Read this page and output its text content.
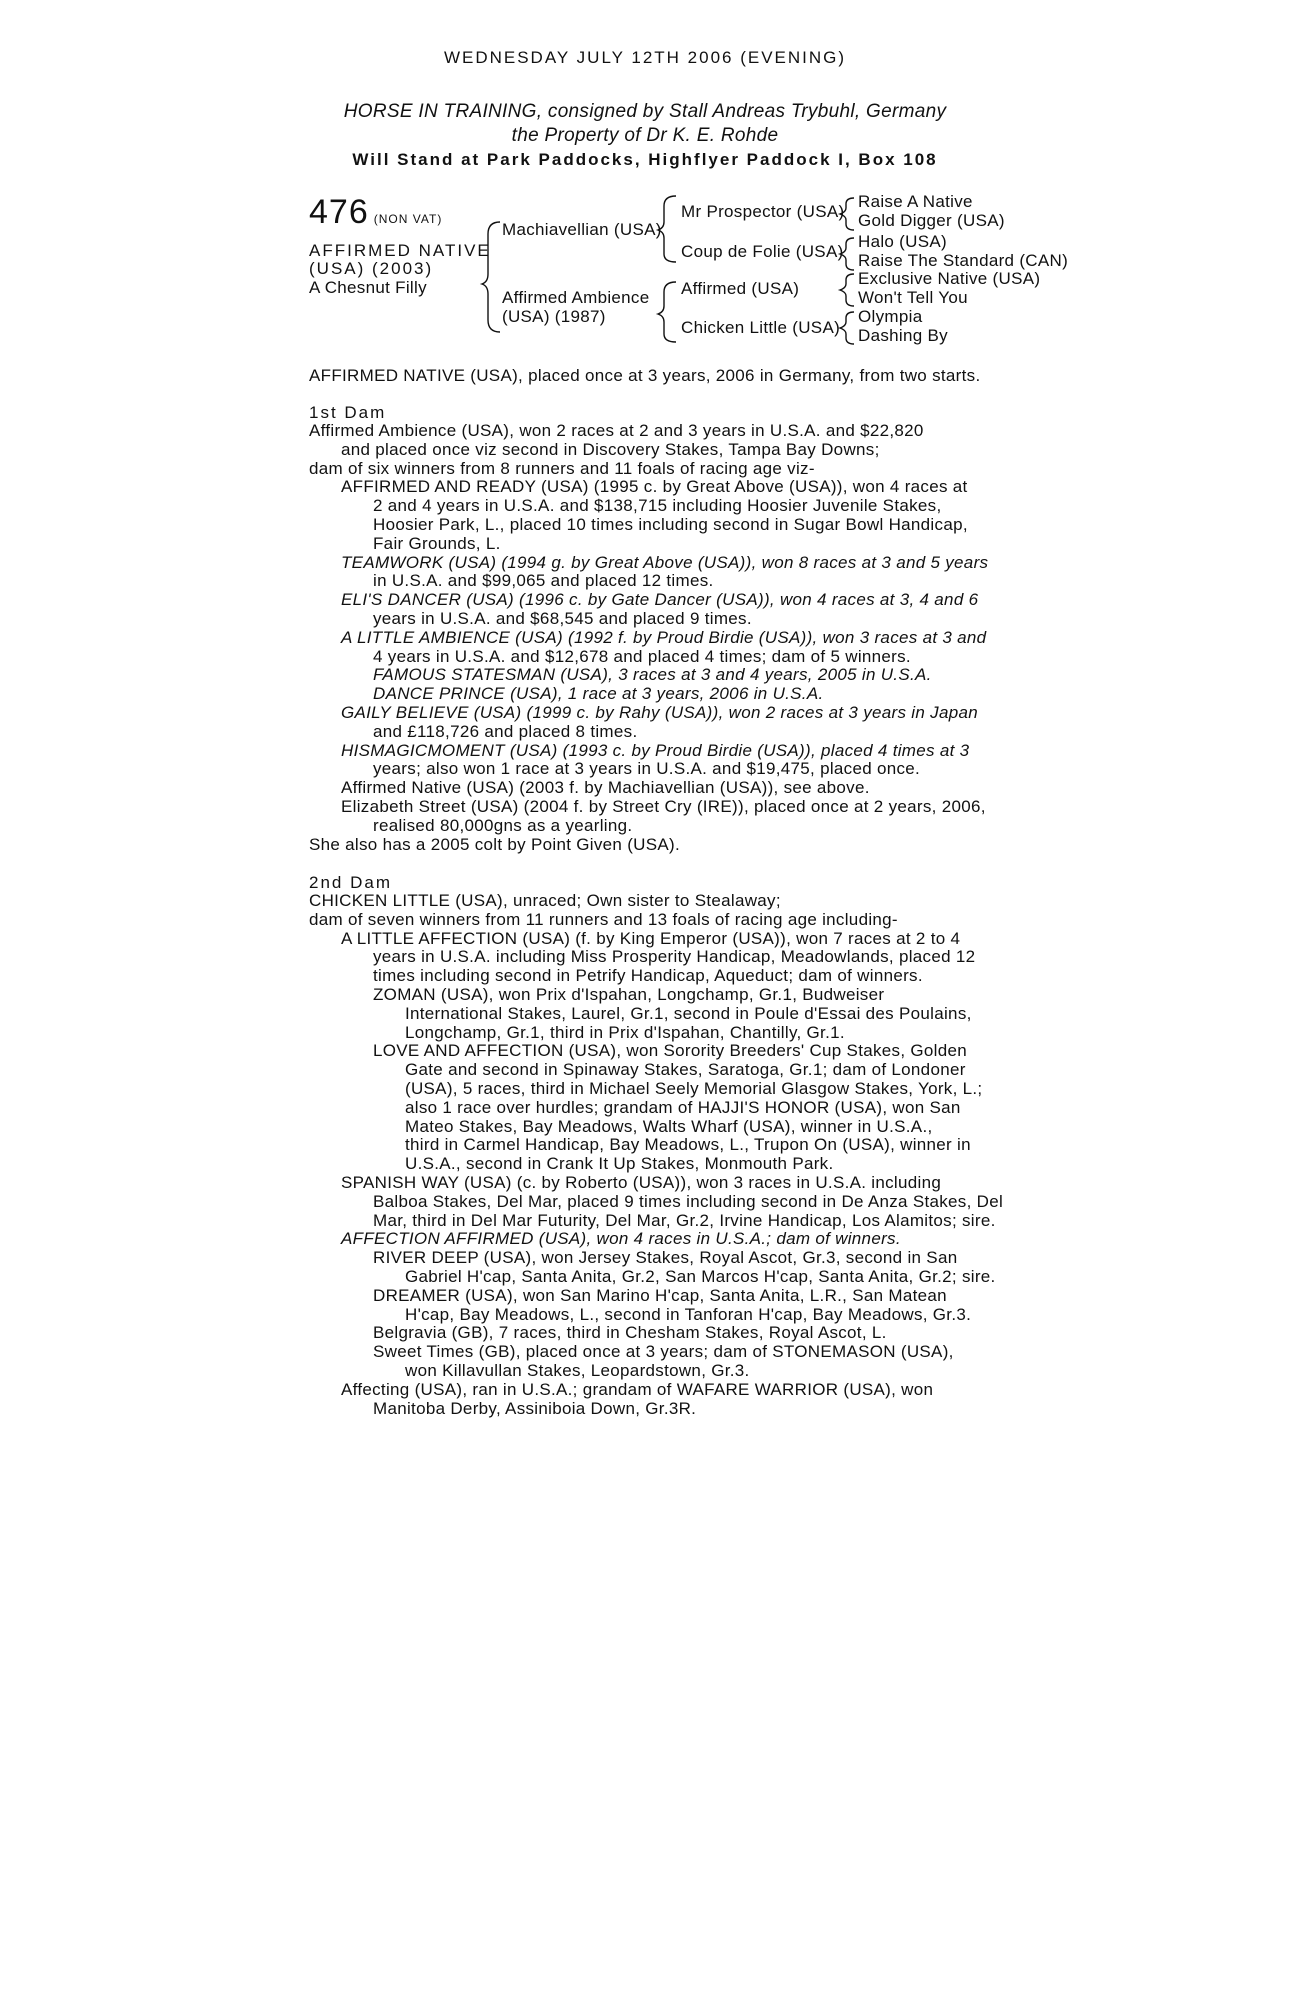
WEDNESDAY JULY 12TH 2006 (EVENING)
HORSE IN TRAINING, consigned by Stall Andreas Trybuhl, Germany
the Property of Dr K. E. Rohde
Will Stand at Park Paddocks, Highflyer Paddock I, Box 108
476 (NON VAT)
AFFIRMED NATIVE
(USA) (2003)
A Chesnut Filly
Machiavellian (USA)
Affirmed Ambience
(USA) (1987)
Mr Prospector (USA)
Coup de Folie (USA)
Affirmed (USA)
Chicken Little (USA)
Raise A Native
Gold Digger (USA)
Halo (USA)
Raise The Standard (CAN)
Exclusive Native (USA)
Won't Tell You
Olympia
Dashing By
AFFIRMED NATIVE (USA), placed once at 3 years, 2006 in Germany, from two starts.
1st Dam
Affirmed Ambience (USA), won 2 races at 2 and 3 years in U.S.A. and $22,820
and placed once viz second in Discovery Stakes, Tampa Bay Downs;
dam of six winners from 8 runners and 11 foals of racing age viz-
AFFIRMED AND READY (USA) (1995 c. by Great Above (USA)), won 4 races at
2 and 4 years in U.S.A. and $138,715 including Hoosier Juvenile Stakes,
Hoosier Park, L., placed 10 times including second in Sugar Bowl Handicap,
Fair Grounds, L.
TEAMWORK (USA) (1994 g. by Great Above (USA)), won 8 races at 3 and 5 years
in U.S.A. and $99,065 and placed 12 times.
ELI'S DANCER (USA) (1996 c. by Gate Dancer (USA)), won 4 races at 3, 4 and 6
years in U.S.A. and $68,545 and placed 9 times.
A LITTLE AMBIENCE (USA) (1992 f. by Proud Birdie (USA)), won 3 races at 3 and
4 years in U.S.A. and $12,678 and placed 4 times; dam of 5 winners.
FAMOUS STATESMAN (USA), 3 races at 3 and 4 years, 2005 in U.S.A.
DANCE PRINCE (USA), 1 race at 3 years, 2006 in U.S.A.
GAILY BELIEVE (USA) (1999 c. by Rahy (USA)), won 2 races at 3 years in Japan
and £118,726 and placed 8 times.
HISMAGICMOMENT (USA) (1993 c. by Proud Birdie (USA)), placed 4 times at 3
years; also won 1 race at 3 years in U.S.A. and $19,475, placed once.
Affirmed Native (USA) (2003 f. by Machiavellian (USA)), see above.
Elizabeth Street (USA) (2004 f. by Street Cry (IRE)), placed once at 2 years, 2006,
realised 80,000gns as a yearling.
She also has a 2005 colt by Point Given (USA).
2nd Dam
CHICKEN LITTLE (USA), unraced; Own sister to Stealaway;
dam of seven winners from 11 runners and 13 foals of racing age including-
A LITTLE AFFECTION (USA) (f. by King Emperor (USA)), won 7 races at 2 to 4
years in U.S.A. including Miss Prosperity Handicap, Meadowlands, placed 12
times including second in Petrify Handicap, Aqueduct; dam of winners.
ZOMAN (USA), won Prix d'Ispahan, Longchamp, Gr.1, Budweiser
International Stakes, Laurel, Gr.1, second in Poule d'Essai des Poulains,
Longchamp, Gr.1, third in Prix d'Ispahan, Chantilly, Gr.1.
LOVE AND AFFECTION (USA), won Sorority Breeders' Cup Stakes, Golden
Gate and second in Spinaway Stakes, Saratoga, Gr.1; dam of Londoner
(USA), 5 races, third in Michael Seely Memorial Glasgow Stakes, York, L.;
also 1 race over hurdles; grandam of HAJJI'S HONOR (USA), won San
Mateo Stakes, Bay Meadows, Walts Wharf (USA), winner in U.S.A.,
third in Carmel Handicap, Bay Meadows, L., Trupon On (USA), winner in
U.S.A., second in Crank It Up Stakes, Monmouth Park.
SPANISH WAY (USA) (c. by Roberto (USA)), won 3 races in U.S.A. including
Balboa Stakes, Del Mar, placed 9 times including second in De Anza Stakes, Del
Mar, third in Del Mar Futurity, Del Mar, Gr.2, Irvine Handicap, Los Alamitos; sire.
AFFECTION AFFIRMED (USA), won 4 races in U.S.A.; dam of winners.
RIVER DEEP (USA), won Jersey Stakes, Royal Ascot, Gr.3, second in San
Gabriel H'cap, Santa Anita, Gr.2, San Marcos H'cap, Santa Anita, Gr.2; sire.
DREAMER (USA), won San Marino H'cap, Santa Anita, L.R., San Matean
H'cap, Bay Meadows, L., second in Tanforan H'cap, Bay Meadows, Gr.3.
Belgravia (GB), 7 races, third in Chesham Stakes, Royal Ascot, L.
Sweet Times (GB), placed once at 3 years; dam of STONEMASON (USA),
won Killavullan Stakes, Leopardstown, Gr.3.
Affecting (USA), ran in U.S.A.; grandam of WAFARE WARRIOR (USA), won
Manitoba Derby, Assiniboia Down, Gr.3R.
